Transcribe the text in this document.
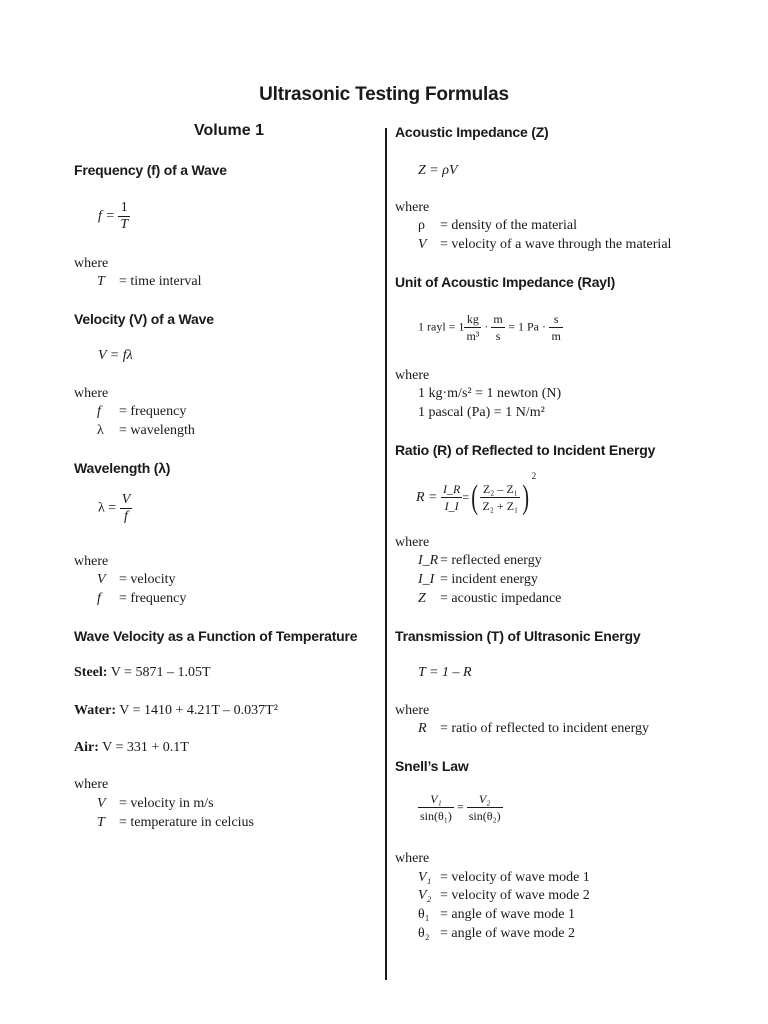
Ultrasonic Testing Formulas
Volume 1
Frequency (f) of a Wave
$f = \frac{1}{T}$
where
T = time interval
Velocity (V) of a Wave
V = fλ
where
f = frequency
λ = wavelength
Wavelength (λ)
$\lambda = \frac{V}{f}$
where
V = velocity
f = frequency
Wave Velocity as a Function of Temperature
Steel: V = 5871 – 1.05T
Water: V = 1410 + 4.21T – 0.037T²
Air: V = 331 + 0.1T
where
V = velocity in m/s
T = temperature in celcius
Acoustic Impedance (Z)
Z = ρV
where
ρ = density of the material
V = velocity of a wave through the material
Unit of Acoustic Impedance (Rayl)
1 rayl = $1 \frac{kg}{\text{m³}} \cdot \frac{m}{s} = 1$ $Pa \cdot \frac{s}{m}$
where
1 kg·m/s² = 1 newton (N)
1 pascal (Pa) = 1 N/m²
Ratio (R) of Reflected to Incident Energy
$R = \frac{I\_R}{I\_I}$ =( $\frac{\text{Z₂ – Z₁}}{\text{Z₂ + Z₁}} )^2$
where
I_R = reflected energy
I_I = incident energy
Z = acoustic impedance
Transmission (T) of Ultrasonic Energy
T = 1 – R
where
R = ratio of reflected to incident energy
Snell’s Law
$\frac{\text{V₁}}{\text{sin(θ₁)}} = \frac{\text{V₂}}{\text{sin(θ₂)}}$
where
V₁ = velocity of wave mode 1
V₂ = velocity of wave mode 2
θ₁ = angle of wave mode 1
θ₂ = angle of wave mode 2
